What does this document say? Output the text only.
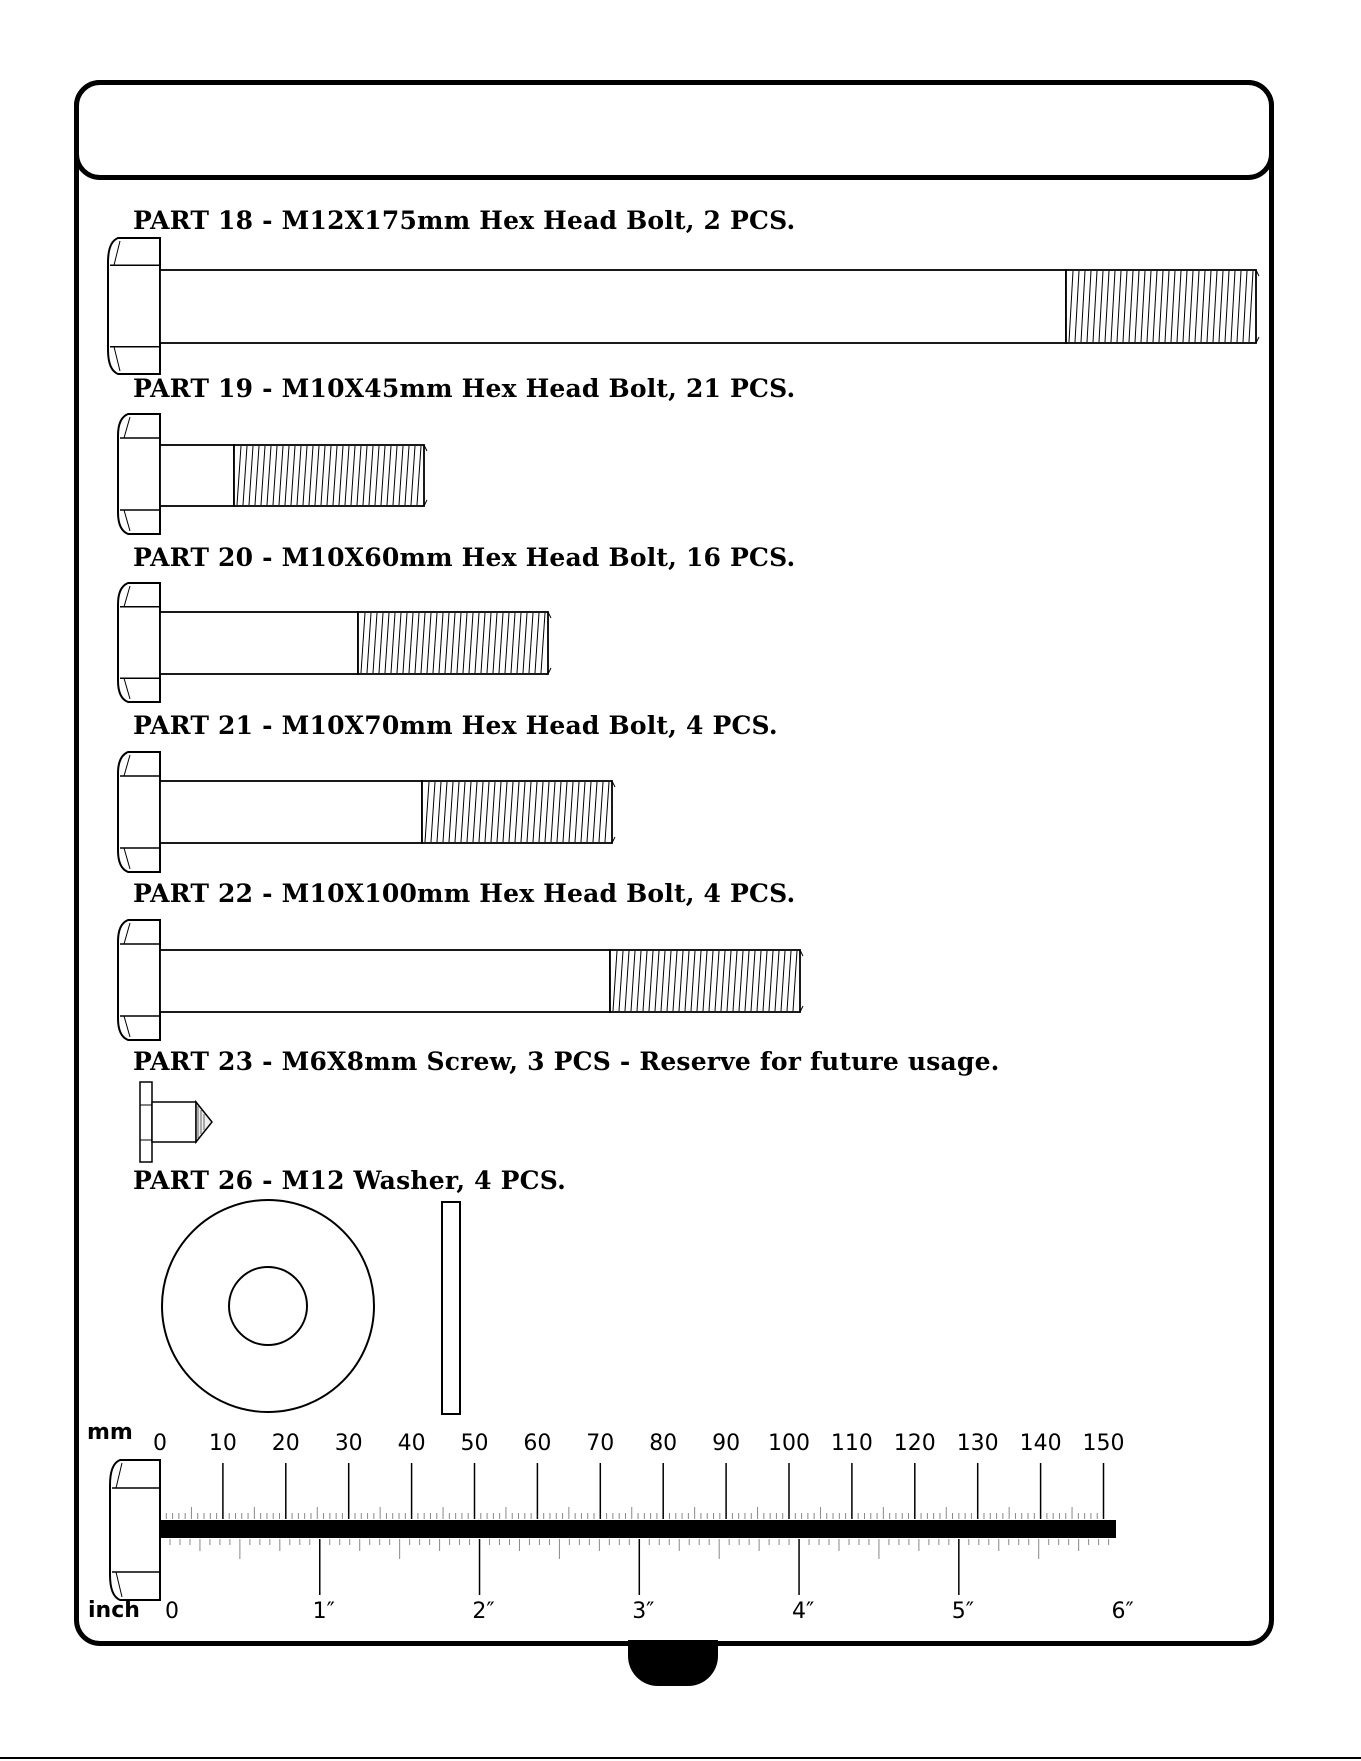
PART 18 - M12X175mm Hex Head Bolt, 2 PCS.
PART 19 - M10X45mm Hex Head Bolt, 21 PCS.
PART 20 - M10X60mm Hex Head Bolt, 16 PCS.
PART 21 - M10X70mm Hex Head Bolt, 4 PCS.
PART 22 - M10X100mm Hex Head Bolt, 4 PCS.
PART 23 - M6X8mm Screw, 3 PCS - Reserve for future usage.
PART 26 - M12 Washer, 4 PCS.
0 10 20 30 40 50 60 70 80 90 100 110 120 130 140 150
0	1″	2″	3″	4″	5″	6″
mm
inch
